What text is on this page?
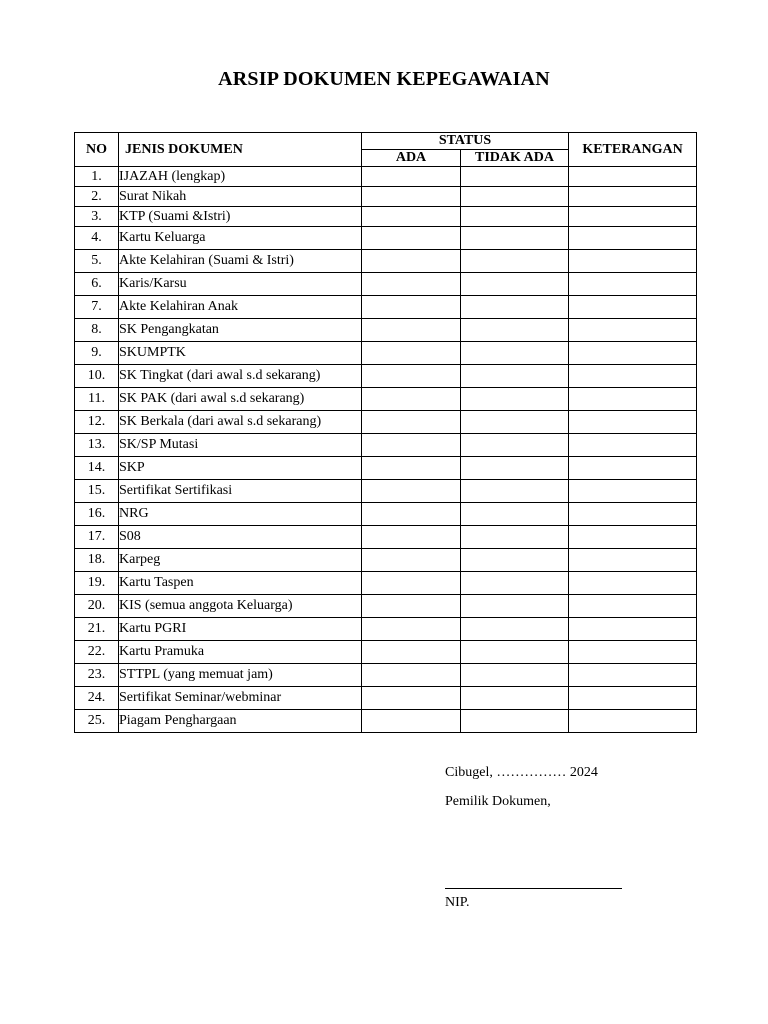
ARSIP DOKUMEN KEPEGAWAIAN
NO	JENIS DOKUMEN	STATUS		KETERANGAN
		ADA	TIDAK ADA	
1.	IJAZAH (lengkap)			
2.	Surat Nikah			
3.	KTP (Suami &Istri)			
4.	Kartu Keluarga			
5.	Akte Kelahiran (Suami & Istri)			
6.	Karis/Karsu			
7.	Akte Kelahiran Anak			
8.	SK Pengangkatan			
9.	SKUMPTK			
10.	SK Tingkat (dari awal s.d sekarang)			
11.	SK PAK (dari awal s.d sekarang)			
12.	SK Berkala (dari awal s.d sekarang)			
13.	SK/SP Mutasi			
14.	SKP			
15.	Sertifikat Sertifikasi			
16.	NRG			
17.	S08			
18.	Karpeg			
19.	Kartu Taspen			
20.	KIS (semua anggota Keluarga)			
21.	Kartu PGRI			
22.	Kartu Pramuka			
23.	STTPL (yang memuat jam)			
24.	Sertifikat Seminar/webminar			
25.	Piagam Penghargaan			
Cibugel, …………… 2024
Pemilik Dokumen,
NIP.
